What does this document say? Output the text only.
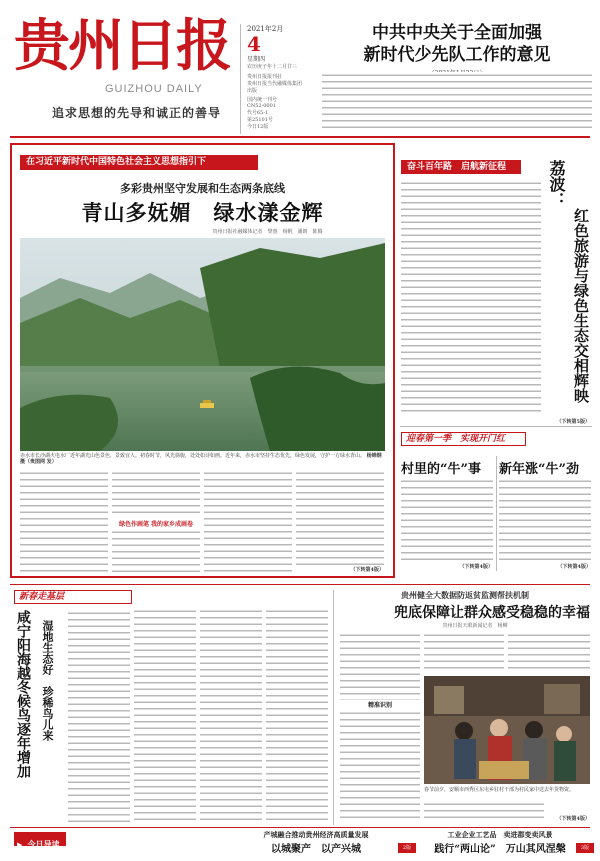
贵州日报
GUIZHOU DAILY
追求思想的先导和诚正的善导
2021年2月
4
星期四
农历庚子年十二月廿三
贵州日报报刊社
贵州日报当代融媒体集团
出版
国内统一刊号
CN52-0001
代号65-1
第25101号
今日12版
中共中央关于全面加强
新时代少先队工作的意见
在习近平新时代中国特色社会主义思想指引下
多彩贵州坚守发展和生态两条底线
青山多妩媚　绿水漾金辉
贵州日报社融媒体记者　黎惠　杨帆　潘朗　陈腾
赤水市长沙湖火电水厂近年湖光山色景色，景致宜人。初春时节，风光旖旎，处处如诗如画。近年来，赤水市坚持生态优先，绿色发展，守护一方绿水青山。 杨锦钢 摄（贵图网 发）
绿色作画笔 我的家乡成画卷
（下转第4版）
奋斗百年路　启航新征程
（下转第5版）
荔波：
红色旅游与绿色生态交相辉映
迎春第一季　实现开门红
村里的“牛”事	新年涨“牛”劲
（下转第4版）	（下转第4版）
新春走基层
咸宁阳海越冬候鸟逐年增加 湿地生态好　珍稀鸟儿来
贵州健全大数据防返贫监测帮扶机制
兜底保障让群众感受稳稳的幸福
贵州日报天眼新闻记者　杨柳
精准识别
春节前夕，安顺市西秀区东屯乡驻村干部为村民家中送去年货物资。
（下转第4版）
▶ 今日导读
产城融合推动贵州经济高质量发展
以城聚产　以产兴城	2版
工业企业工艺品　卖进郡变卖风景
践行“两山论”　万山其风涅槃	3版
